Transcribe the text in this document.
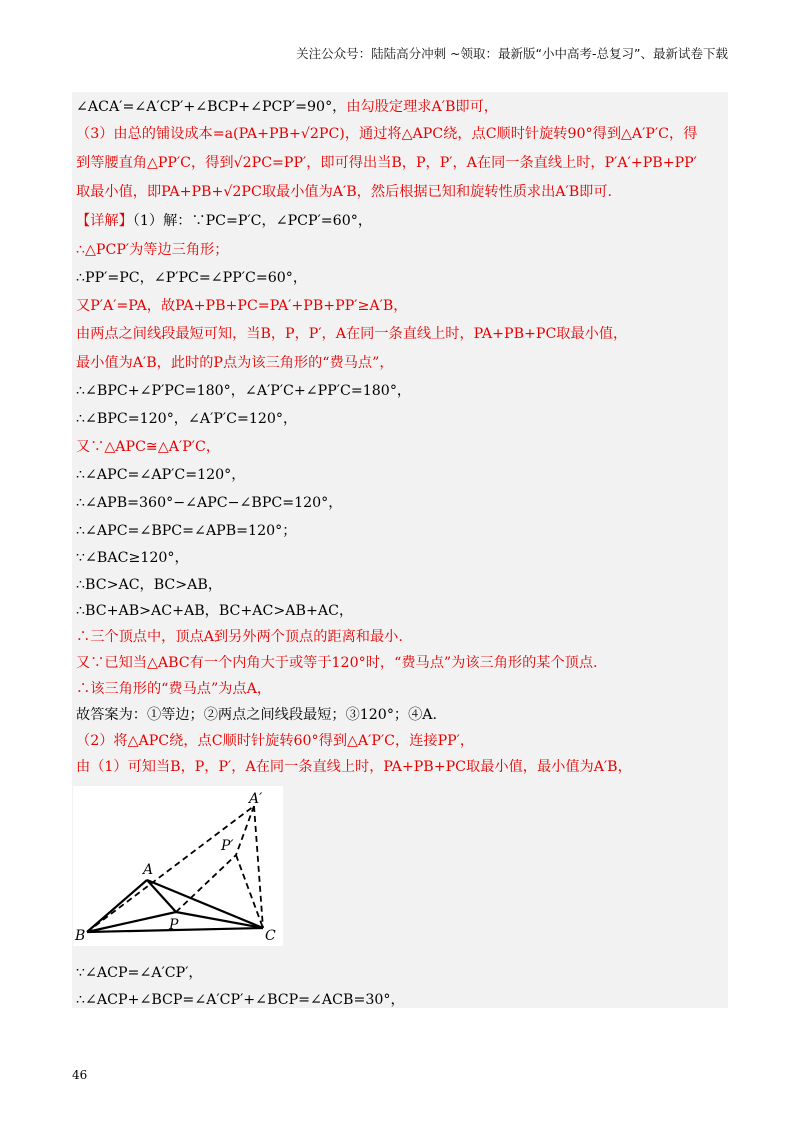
关注公众号：陆陆高分冲刺 ~领取：最新版“小中高考-总复习”、最新试卷下载
∠ACA′=∠A′CP′+∠BCP+∠PCP′=90°，由勾股定理求A′B即可，
（3）由总的铺设成本=a(PA+PB+√2PC)，通过将△APC绕，点C顺时针旋转90°得到△A′P′C，得
到等腰直角△PP′C，得到√2PC=PP′，即可得出当B，P，P′，A在同一条直线上时，P′A′+PB+PP′
取最小值，即PA+PB+√2PC取最小值为A′B，然后根据已知和旋转性质求出A′B即可.
【详解】（1）解：∵PC=P′C，∠PCP′=60°，
∴△PCP′为等边三角形；
∴PP′=PC，∠P′PC=∠PP′C=60°，
又P′A′=PA，故PA+PB+PC=PA′+PB+PP′≥A′B，
由两点之间线段最短可知，当B，P，P′，A在同一条直线上时，PA+PB+PC取最小值，
最小值为A′B，此时的P点为该三角形的“费马点”，
∴∠BPC+∠P′PC=180°，∠A′P′C+∠PP′C=180°，
∴∠BPC=120°，∠A′P′C=120°，
又∵△APC≅△A′P′C，
∴∠APC=∠AP′C=120°，
∴∠APB=360°−∠APC−∠BPC=120°，
∴∠APC=∠BPC=∠APB=120°；
∵∠BAC≥120°，
∴BC>AC，BC>AB，
∴BC+AB>AC+AB，BC+AC>AB+AC，
∴三个顶点中，顶点A到另外两个顶点的距离和最小.
又∵已知当△ABC有一个内角大于或等于120°时，“费马点”为该三角形的某个顶点.
∴该三角形的“费马点”为点A，
故答案为：①等边；②两点之间线段最短；③120°；④A.
（2）将△APC绕，点C顺时针旋转60°得到△A′P′C，连接PP′，
由（1）可知当B，P，P′，A在同一条直线上时，PA+PB+PC取最小值，最小值为A′B，
A′
P′
A
P
B	C
∵∠ACP=∠A′CP′，
∴∠ACP+∠BCP=∠A′CP′+∠BCP=∠ACB=30°，
46
